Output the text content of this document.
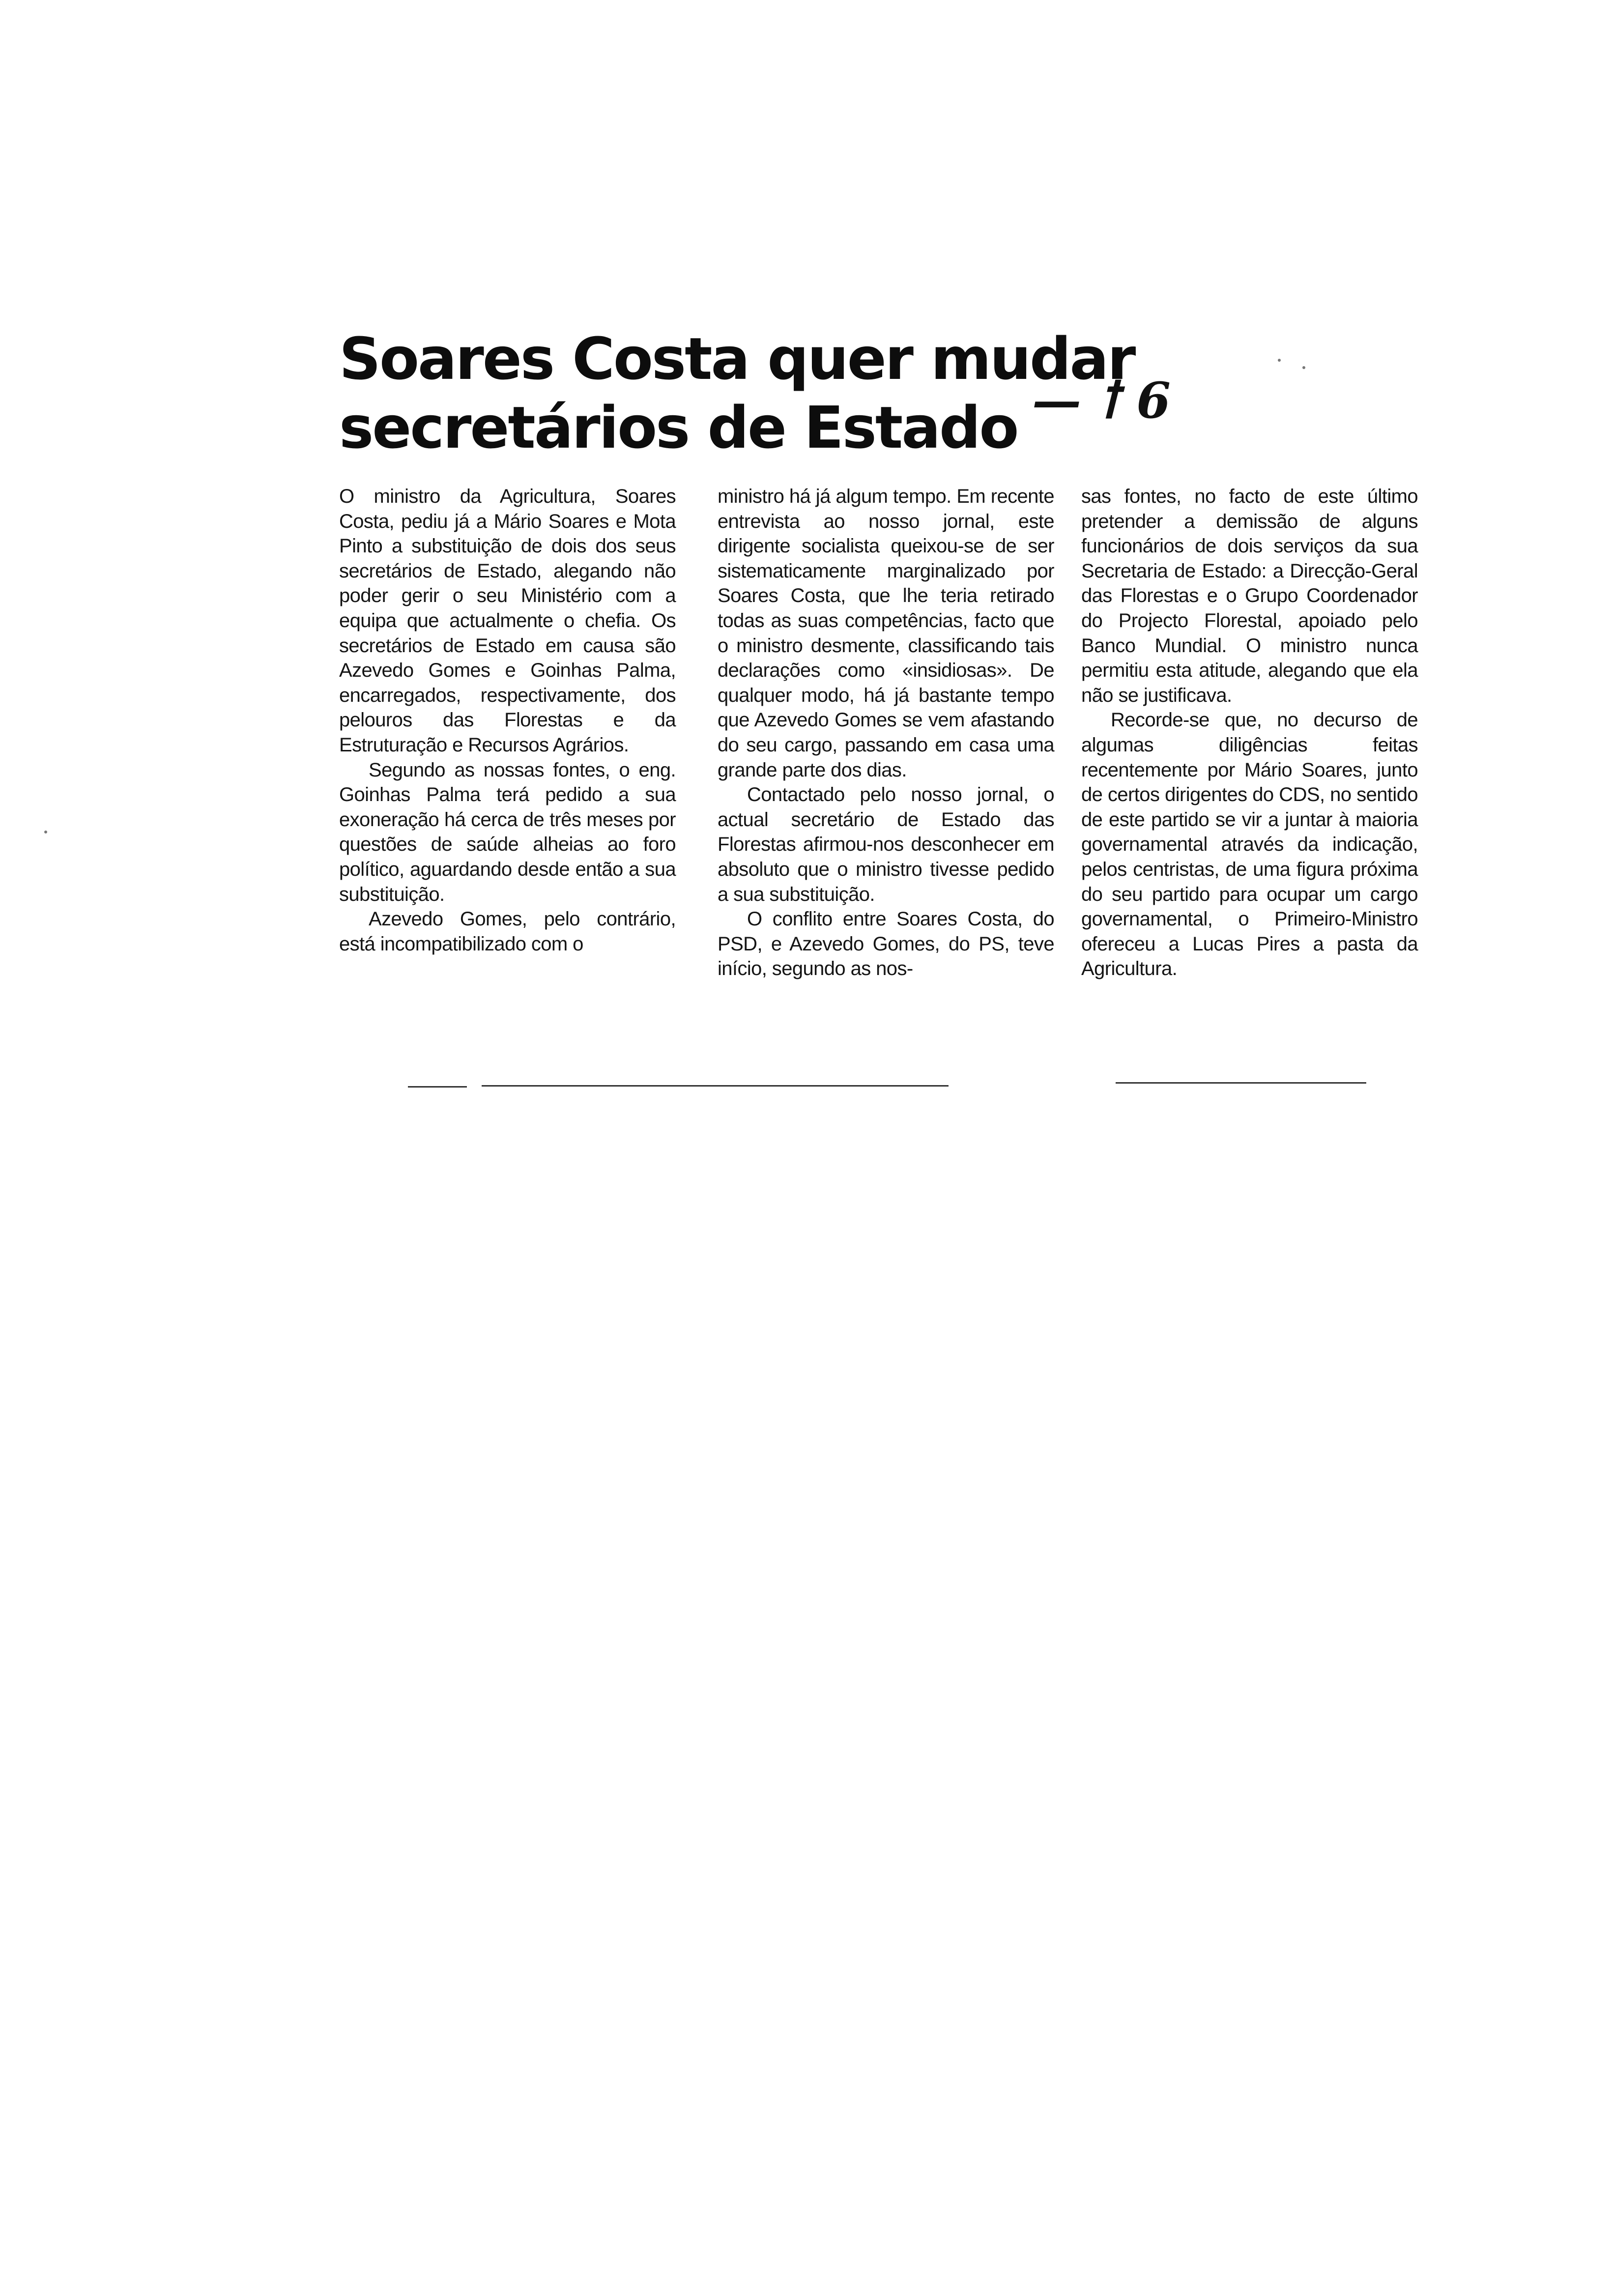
Soares Costa quer mudar
secretários de Estado — ꝉ 6

O ministro da Agricultura, Soares Costa, pediu já a Mário Soares e Mota Pinto a substituição de dois dos seus secretários de Estado, alegando não poder gerir o seu Ministério com a equipa que actualmente o chefia. Os secretários de Estado em causa são Azevedo Gomes e Goinhas Palma, encarregados, respectivamente, dos pelouros das Florestas e da Estruturação e Recursos Agrários.

Segundo as nossas fontes, o eng. Goinhas Palma terá pedido a sua exoneração há cerca de três meses por questões de saúde alheias ao foro político, aguardando desde então a sua substituição.

Azevedo Gomes, pelo contrário, está incompatibilizado com o

ministro há já algum tempo. Em recente entrevista ao nosso jornal, este dirigente socialista queixou-se de ser sistematicamente marginalizado por Soares Costa, que lhe teria retirado todas as suas competências, facto que o ministro desmente, classificando tais declarações como «insidiosas». De qualquer modo, há já bastante tempo que Azevedo Gomes se vem afastando do seu cargo, passando em casa uma grande parte dos dias.

Contactado pelo nosso jornal, o actual secretário de Estado das Florestas afirmou-nos desconhecer em absoluto que o ministro tivesse pedido a sua substituição.

O conflito entre Soares Costa, do PSD, e Azevedo Gomes, do PS, teve início, segundo as nos-

sas fontes, no facto de este último pretender a demissão de alguns funcionários de dois serviços da sua Secretaria de Estado: a Direcção-Geral das Florestas e o Grupo Coordenador do Projecto Florestal, apoiado pelo Banco Mundial. O ministro nunca permitiu esta atitude, alegando que ela não se justificava.

Recorde-se que, no decurso de algumas diligências feitas recentemente por Mário Soares, junto de certos dirigentes do CDS, no sentido de este partido se vir a juntar à maioria governamental através da indicação, pelos centristas, de uma figura próxima do seu partido para ocupar um cargo governamental, o Primeiro-Ministro ofereceu a Lucas Pires a pasta da Agricultura.
